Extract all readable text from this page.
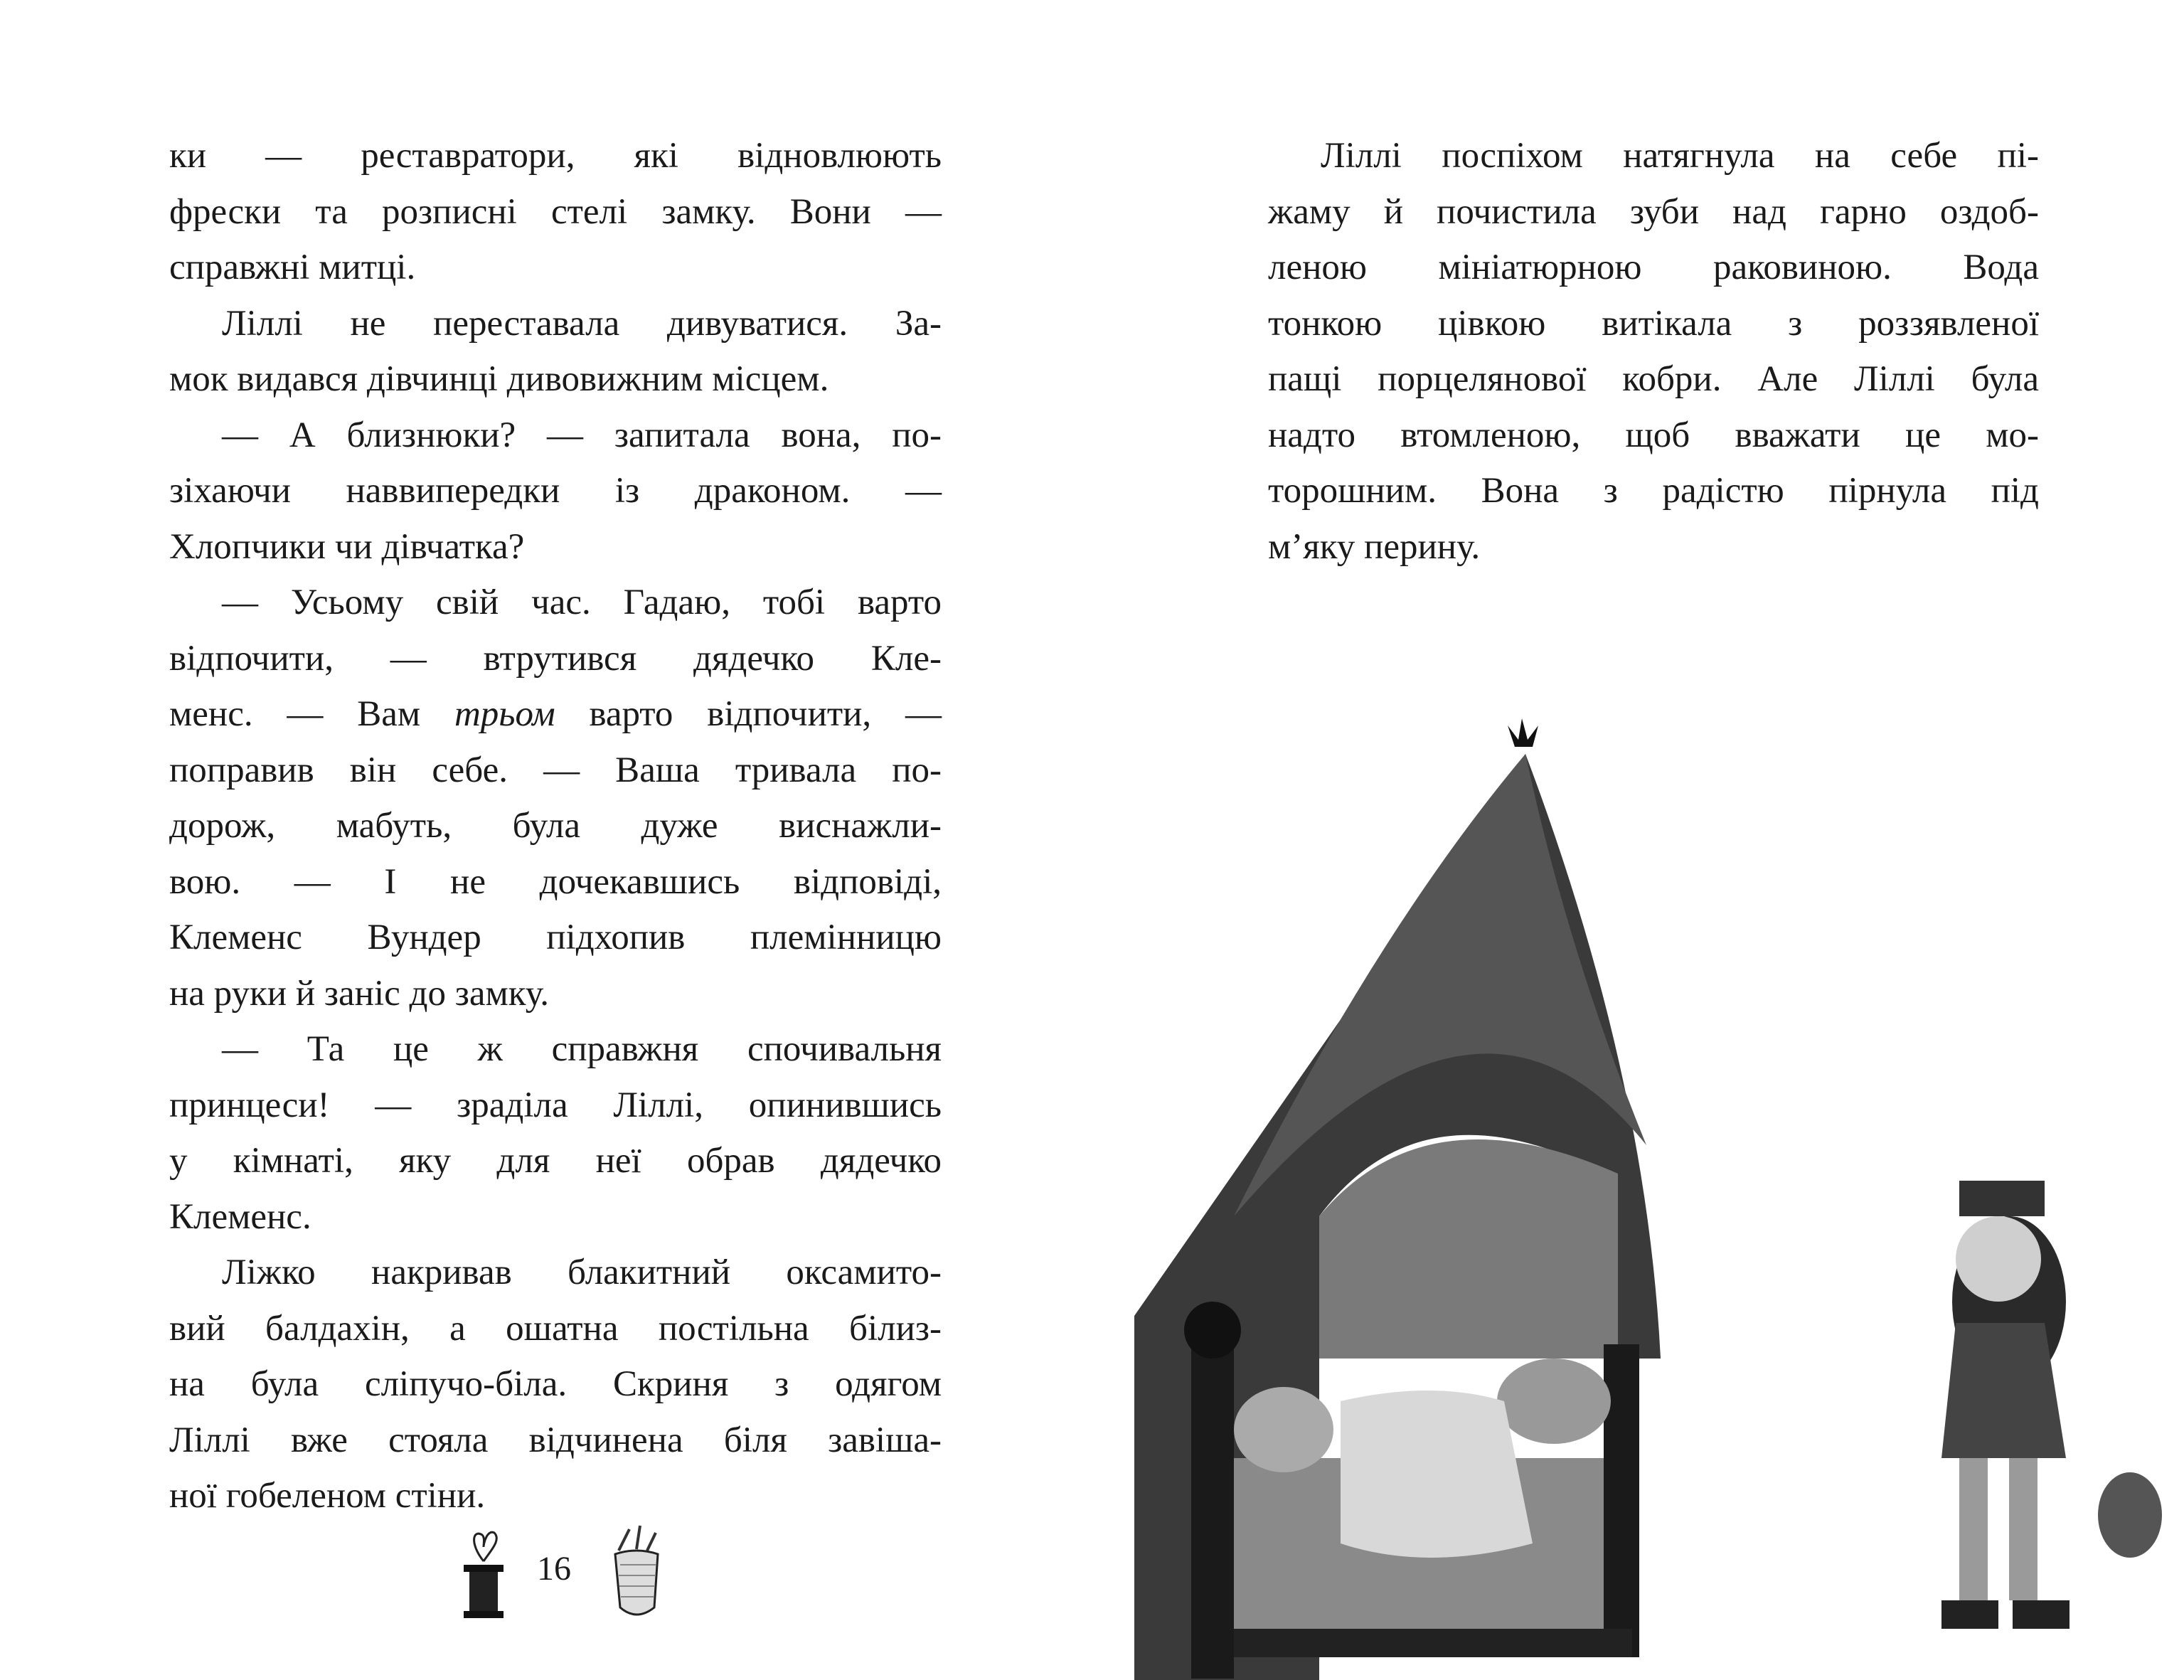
ки — реставратори, які відновлюють
фрески та розписні стелі замку. Вони —
справжні митці.
Ліллі не переставала дивуватися. За-
мок видався дівчинці дивовижним місцем.
— А близнюки? — запитала вона, по-
зіхаючи наввипередки із драконом. —
Хлопчики чи дівчатка?
— Усьому свій час. Гадаю, тобі варто
відпочити, — втрутився дядечко Кле-
менс. — Вам трьом варто відпочити, —
поправив він себе. — Ваша тривала по-
дорож, мабуть, була дуже виснажли-
вою. — І не дочекавшись відповіді,
Клеменс Вундер підхопив племінницю
на руки й заніс до замку.
— Та це ж справжня спочивальня
принцеси! — зраділа Ліллі, опинившись
у кімнаті, яку для неї обрав дядечко
Клеменс.
Ліжко накривав блакитний оксамито-
вий балдахін, а ошатна постільна білиз-
на була сліпучо-біла. Скриня з одягом
Ліллі вже стояла відчинена біля завіша-
ної гобеленом стіни.
Ліллі поспіхом натягнула на себе пі-
жаму й почистила зуби над гарно оздоб-
леною мініатюрною раковиною. Вода
тонкою цівкою витікала з роззявленої
пащі порцелянової кобри. Але Ліллі була
надто втомленою, щоб вважати це мо-
торошним. Вона з радістю пірнула під
м’яку перину.
16
